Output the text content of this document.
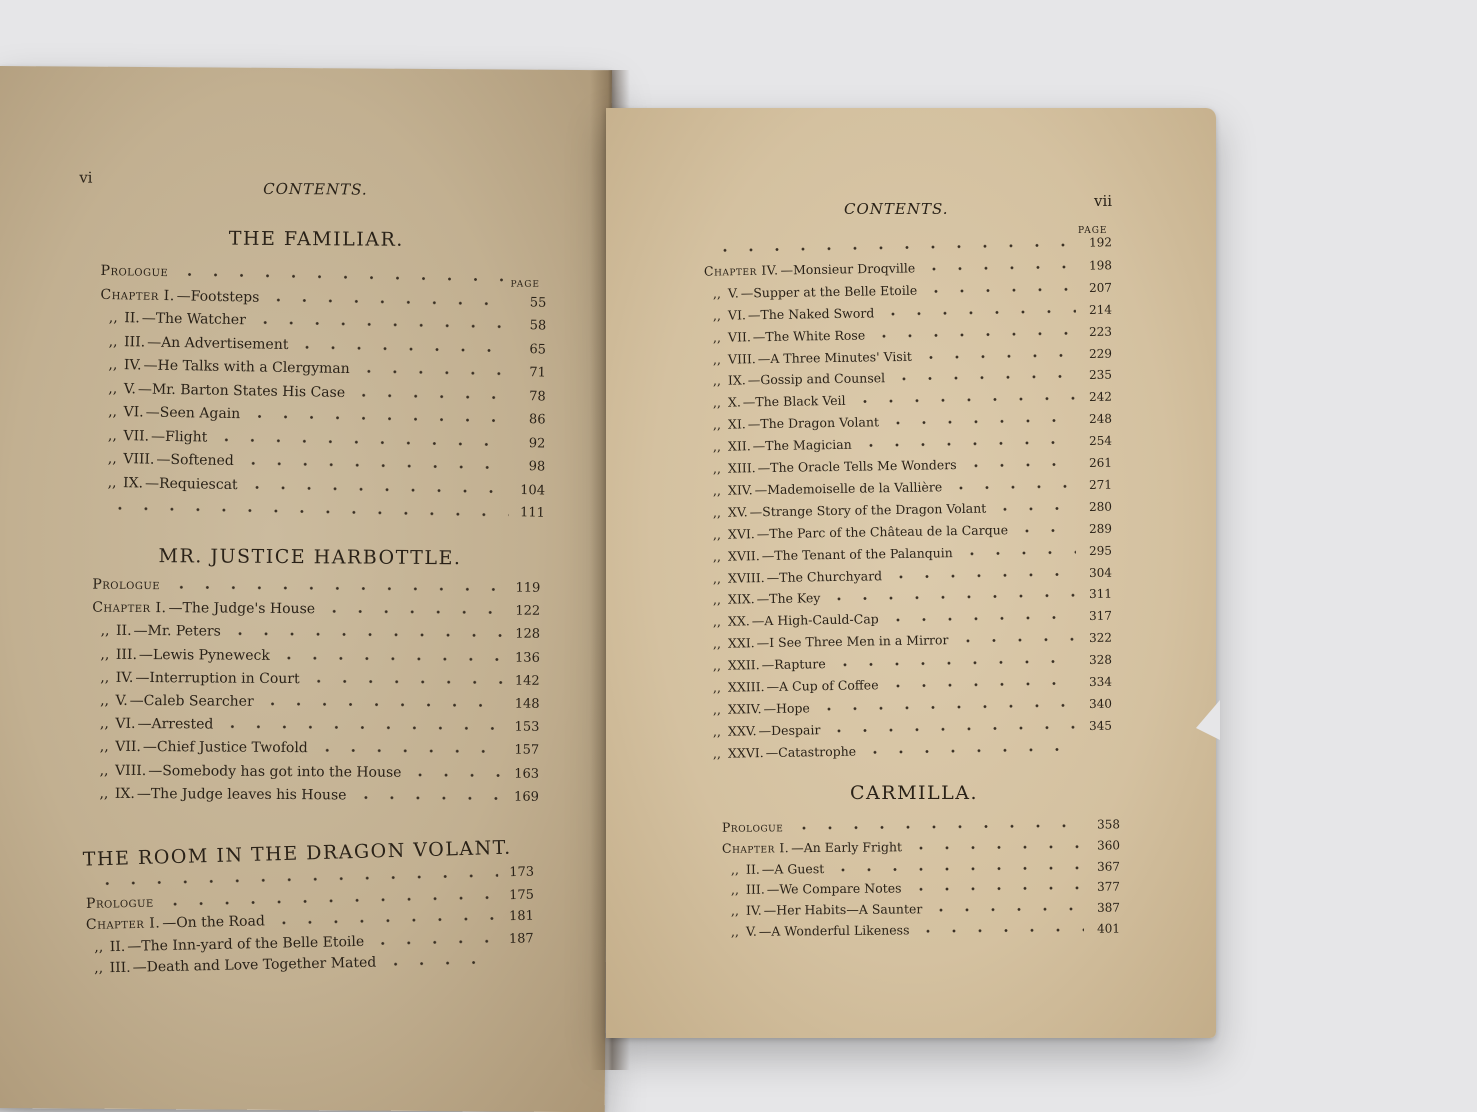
vi
CONTENTS.
THE FAMILIAR.
PAGE
Prologue
Chapter I. —Footsteps	55
,, II. —The Watcher	58
,, III. —An Advertisement	65
,, IV. —He Talks with a Clergyman	71
,, V. —Mr. Barton States His Case	78
,, VI. —Seen Again	86
,, VII. —Flight	92
,, VIII. —Softened	98
,, IX. —Requiescat	104
111
MR. JUSTICE HARBOTTLE.
Prologue	119
Chapter I. —The Judge's House	122
,, II. —Mr. Peters	128
,, III. —Lewis Pyneweck	136
,, IV. —Interruption in Court	142
,, V. —Caleb Searcher	148
,, VI. —Arrested	153
,, VII. —Chief Justice Twofold	157
,, VIII. —Somebody has got into the House	163
,, IX. —The Judge leaves his House	169
THE ROOM IN THE DRAGON VOLANT.
173
Prologue	175
Chapter I. —On the Road	181
,, II. —The Inn-yard of the Belle Etoile	187
,, III. —Death and Love Together Mated
CONTENTS.	vii
PAGE
192
Chapter IV. —Monsieur Droqville	198
,, V. —Supper at the Belle Etoile	207
,, VI. —The Naked Sword	214
,, VII. —The White Rose	223
,, VIII. —A Three Minutes' Visit	229
,, IX. —Gossip and Counsel	235
,, X. —The Black Veil	242
,, XI. —The Dragon Volant	248
,, XII. —The Magician	254
,, XIII. —The Oracle Tells Me Wonders	261
,, XIV. —Mademoiselle de la Vallière	271
,, XV. —Strange Story of the Dragon Volant	280
,, XVI. —The Parc of the Château de la Carque	289
,, XVII. —The Tenant of the Palanquin	295
,, XVIII. —The Churchyard	304
,, XIX. —The Key	311
,, XX. —A High-Cauld-Cap	317
,, XXI. —I See Three Men in a Mirror	322
,, XXII. —Rapture	328
,, XXIII. —A Cup of Coffee	334
,, XXIV. —Hope	340
,, XXV. —Despair	345
,, XXVI. —Catastrophe
CARMILLA.
Prologue	358
Chapter I. —An Early Fright	360
,, II. —A Guest	367
,, III. —We Compare Notes	377
,, IV. —Her Habits—A Saunter	387
,, V. —A Wonderful Likeness	401
